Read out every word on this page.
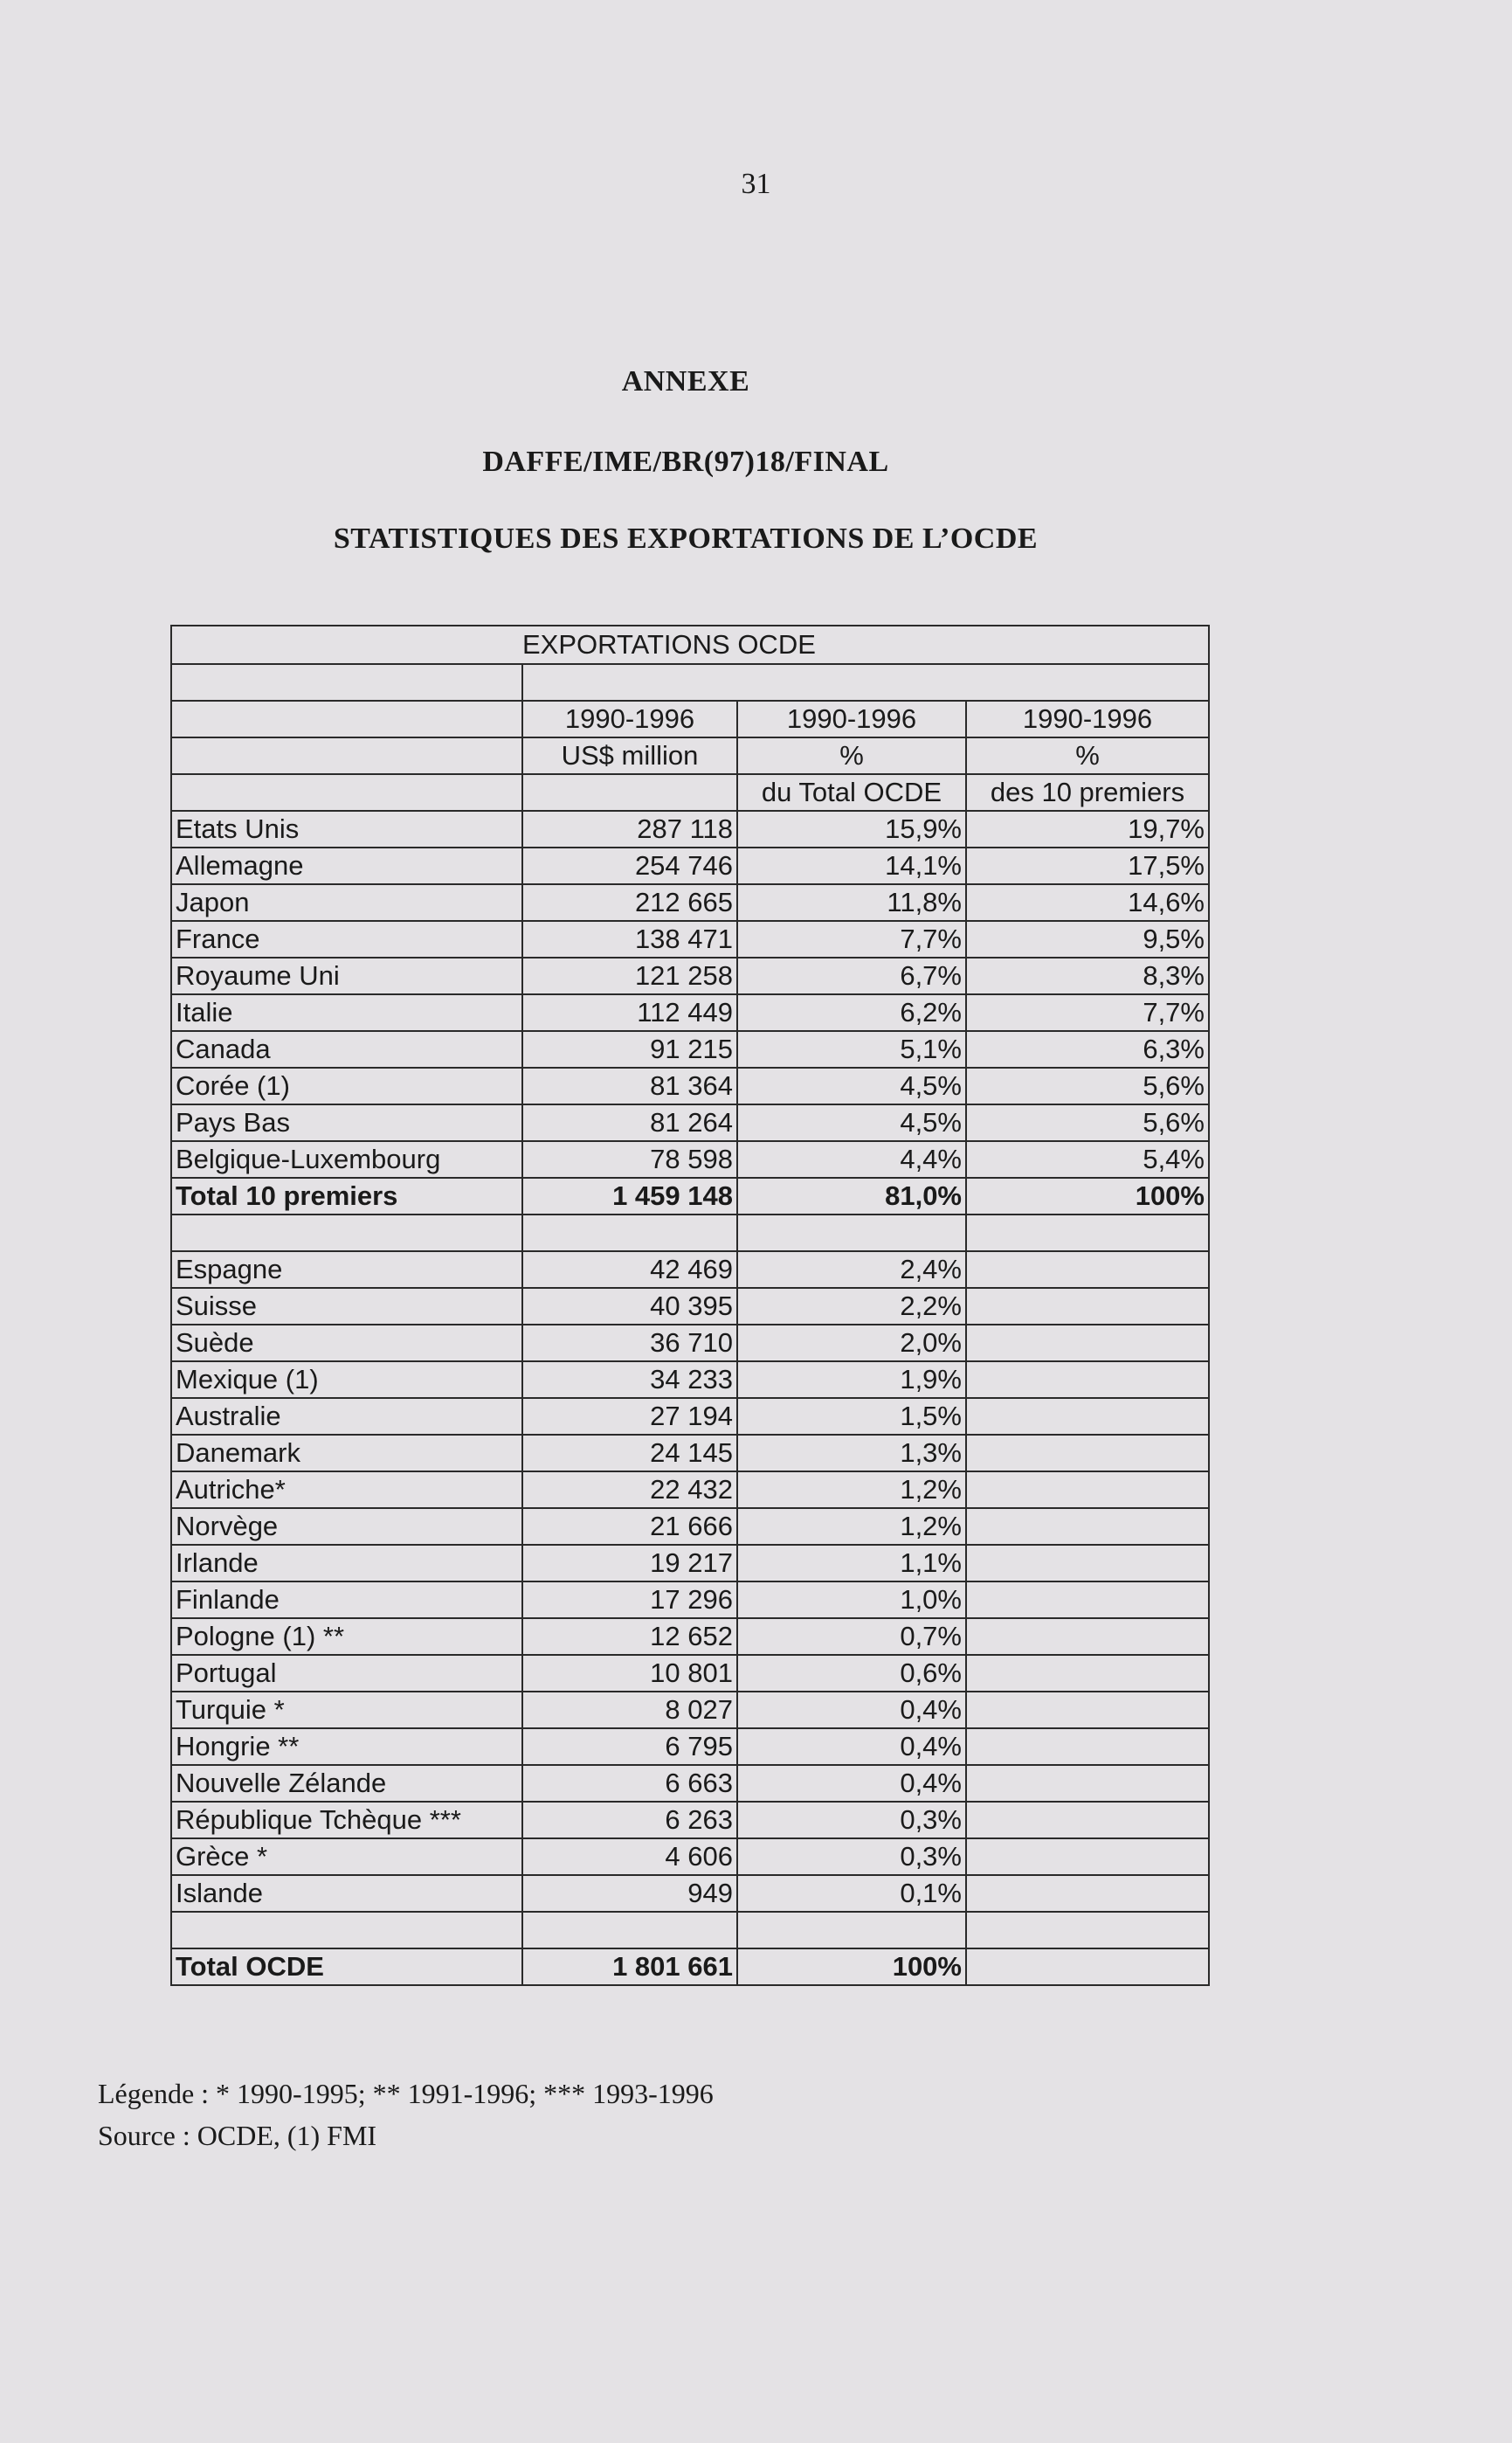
31
ANNEXE
DAFFE/IME/BR(97)18/FINAL
STATISTIQUES DES EXPORTATIONS DE L’OCDE
	EXPORTATIONS OCDE		

	1990-1996	1990-1996	1990-1996
	US$ million	%	%
		du Total OCDE	des 10 premiers
Etats Unis	287 118	15,9%	19,7%
Allemagne	254 746	14,1%	17,5%
Japon	212 665	11,8%	14,6%
France	138 471	7,7%	9,5%
Royaume Uni	121 258	6,7%	8,3%
Italie	112 449	6,2%	7,7%
Canada	91 215	5,1%	6,3%
Corée (1)	81 364	4,5%	5,6%
Pays Bas	81 264	4,5%	5,6%
Belgique-Luxembourg	78 598	4,4%	5,4%
Total 10 premiers	1 459 148	81,0%	100%

Espagne	42 469	2,4%	
Suisse	40 395	2,2%	
Suède	36 710	2,0%	
Mexique (1)	34 233	1,9%	
Australie	27 194	1,5%	
Danemark	24 145	1,3%	
Autriche*	22 432	1,2%	
Norvège	21 666	1,2%	
Irlande	19 217	1,1%	
Finlande	17 296	1,0%	
Pologne (1) **	12 652	0,7%	
Portugal	10 801	0,6%	
Turquie *	8 027	0,4%	
Hongrie **	6 795	0,4%	
Nouvelle Zélande	6 663	0,4%	
République Tchèque ***	6 263	0,3%	
Grèce *	4 606	0,3%	
Islande	949	0,1%	

Total OCDE	1 801 661	100%	
Légende : * 1990-1995; ** 1991-1996; *** 1993-1996
Source : OCDE, (1) FMI
